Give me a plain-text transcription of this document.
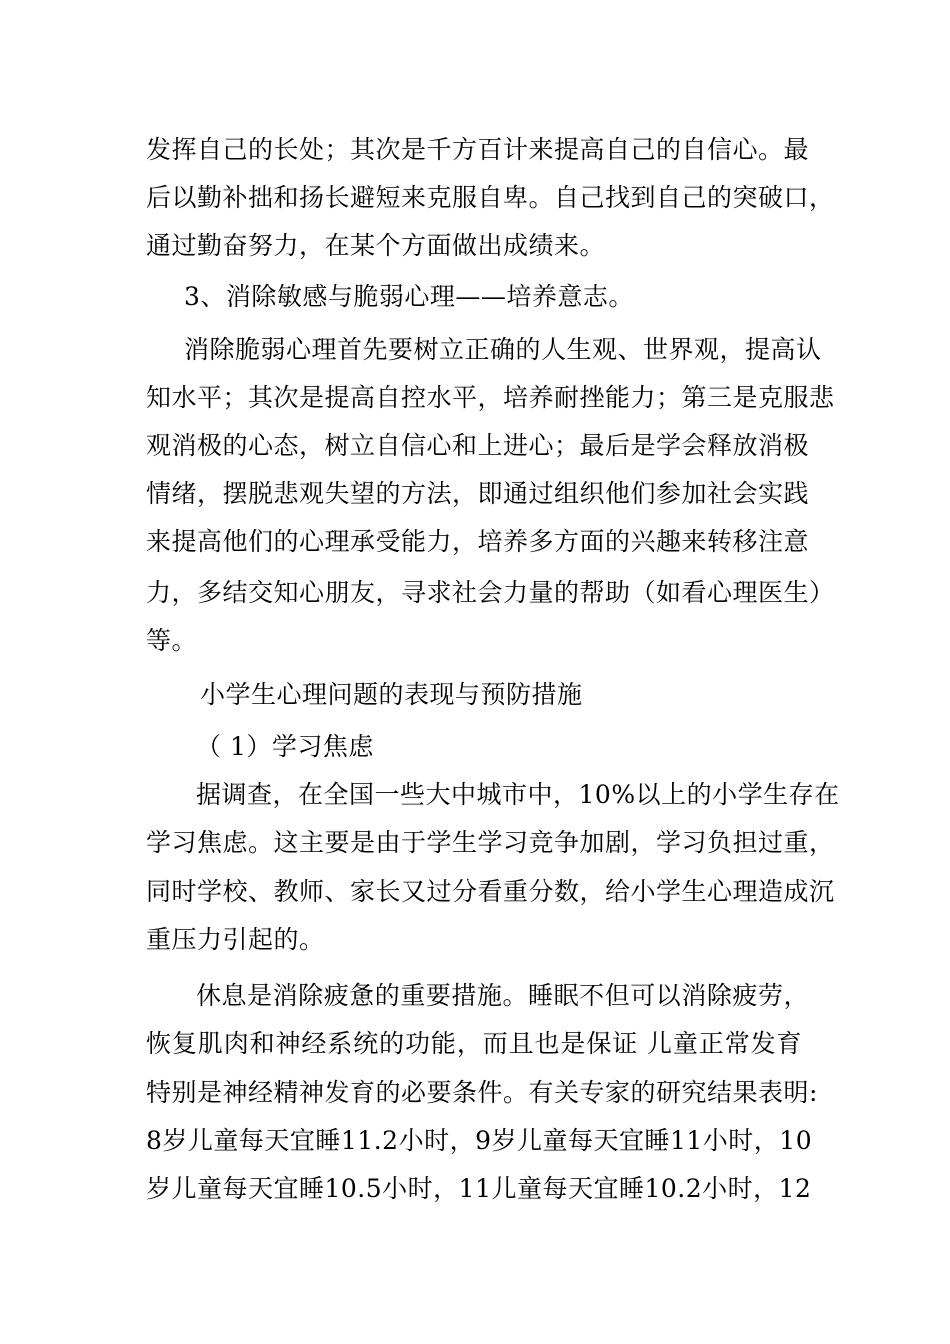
发挥自己的长处；其次是千方百计来提高自己的自信心。最
后以勤补拙和扬长避短来克服自卑。自己找到自己的突破口，
通过勤奋努力，在某个方面做出成绩来。
3、消除敏感与脆弱心理——培养意志。
消除脆弱心理首先要树立正确的人生观、世界观，提高认
知水平；其次是提高自控水平，培养耐挫能力；第三是克服悲
观消极的心态，树立自信心和上进心；最后是学会释放消极
情绪，摆脱悲观失望的方法，即通过组织他们参加社会实践
来提高他们的心理承受能力，培养多方面的兴趣来转移注意
力，多结交知心朋友，寻求社会力量的帮助（如看心理医生）
等。
小学生心理问题的表现与预防措施
（ 1）学习焦虑
据调查，在全国一些大中城市中，10%以上的小学生存在
学习焦虑。这主要是由于学生学习竞争加剧，学习负担过重，
同时学校、教师、家长又过分看重分数，给小学生心理造成沉
重压力引起的。
休息是消除疲惫的重要措施。睡眠不但可以消除疲劳，
恢复肌肉和神经系统的功能，而且也是保证 儿童正常发育
特别是神经精神发育的必要条件。有关专家的研究结果表明:
8岁儿童每天宜睡11.2小时，9岁儿童每天宜睡11小时，10
岁儿童每天宜睡10.5小时，11儿童每天宜睡10.2小时，12
